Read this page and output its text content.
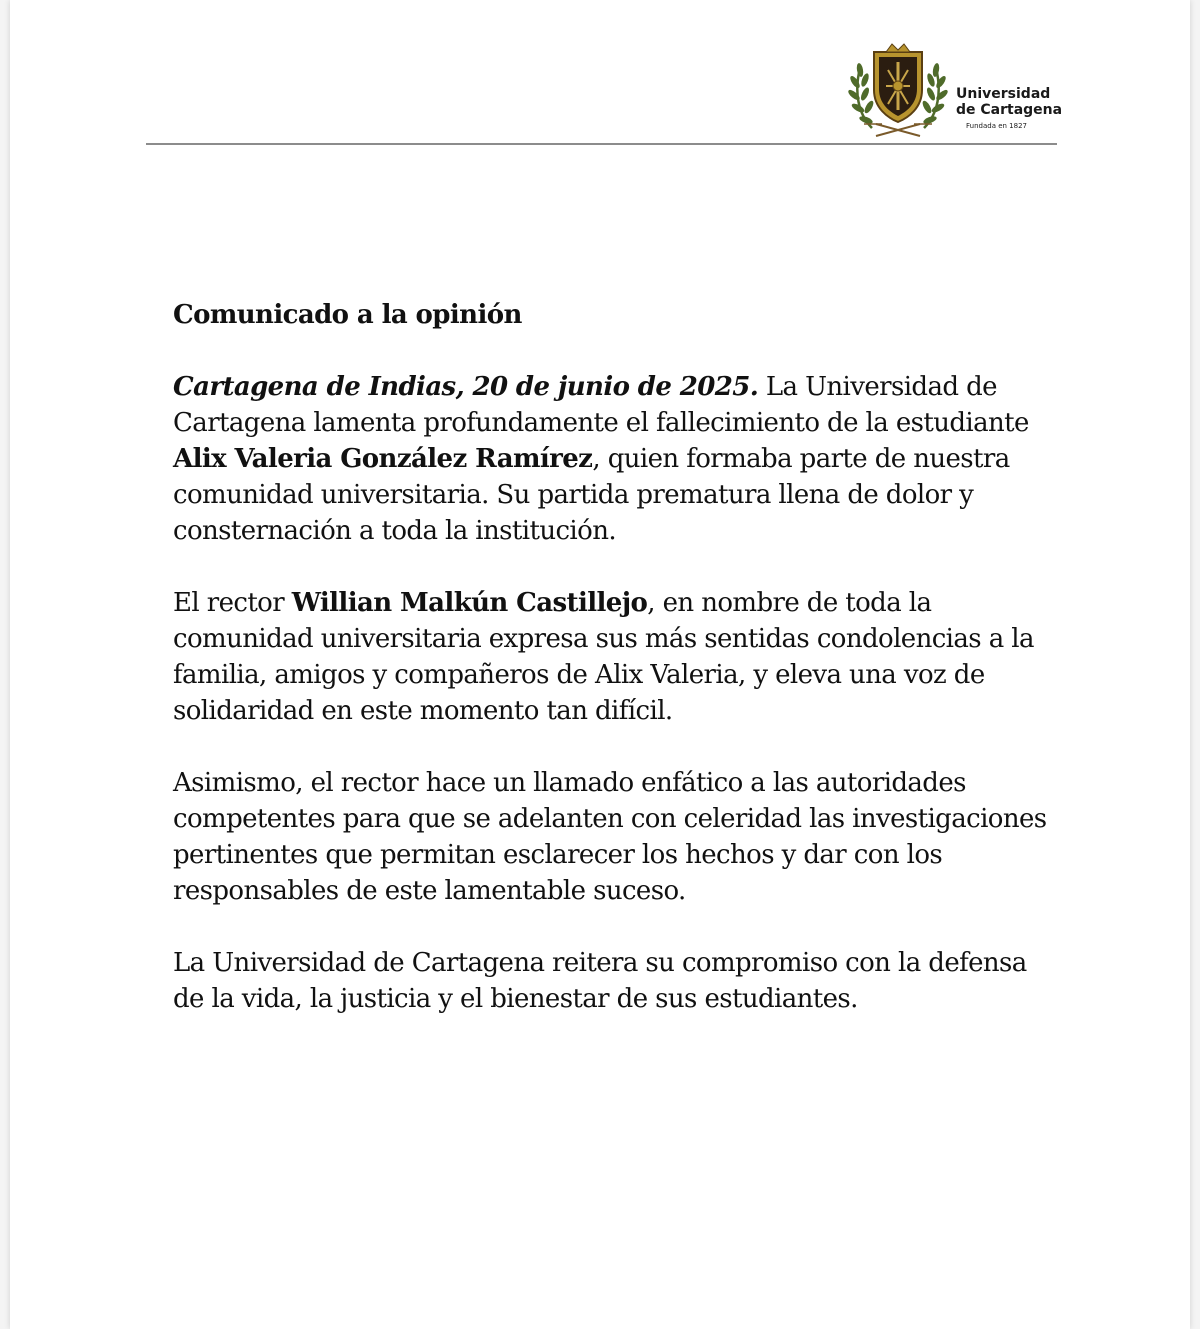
Universidad
de Cartagena
Fundada en 1827

Comunicado a la opinión

Cartagena de Indias, 20 de junio de 2025. La Universidad de Cartagena lamenta profundamente el fallecimiento de la estudiante Alix Valeria González Ramírez, quien formaba parte de nuestra comunidad universitaria. Su partida prematura llena de dolor y consternación a toda la institución.

El rector Willian Malkún Castillejo, en nombre de toda la comunidad universitaria expresa sus más sentidas condolencias a la familia, amigos y compañeros de Alix Valeria, y eleva una voz de solidaridad en este momento tan difícil.

Asimismo, el rector hace un llamado enfático a las autoridades competentes para que se adelanten con celeridad las investigaciones pertinentes que permitan esclarecer los hechos y dar con los responsables de este lamentable suceso.

La Universidad de Cartagena reitera su compromiso con la defensa de la vida, la justicia y el bienestar de sus estudiantes.
